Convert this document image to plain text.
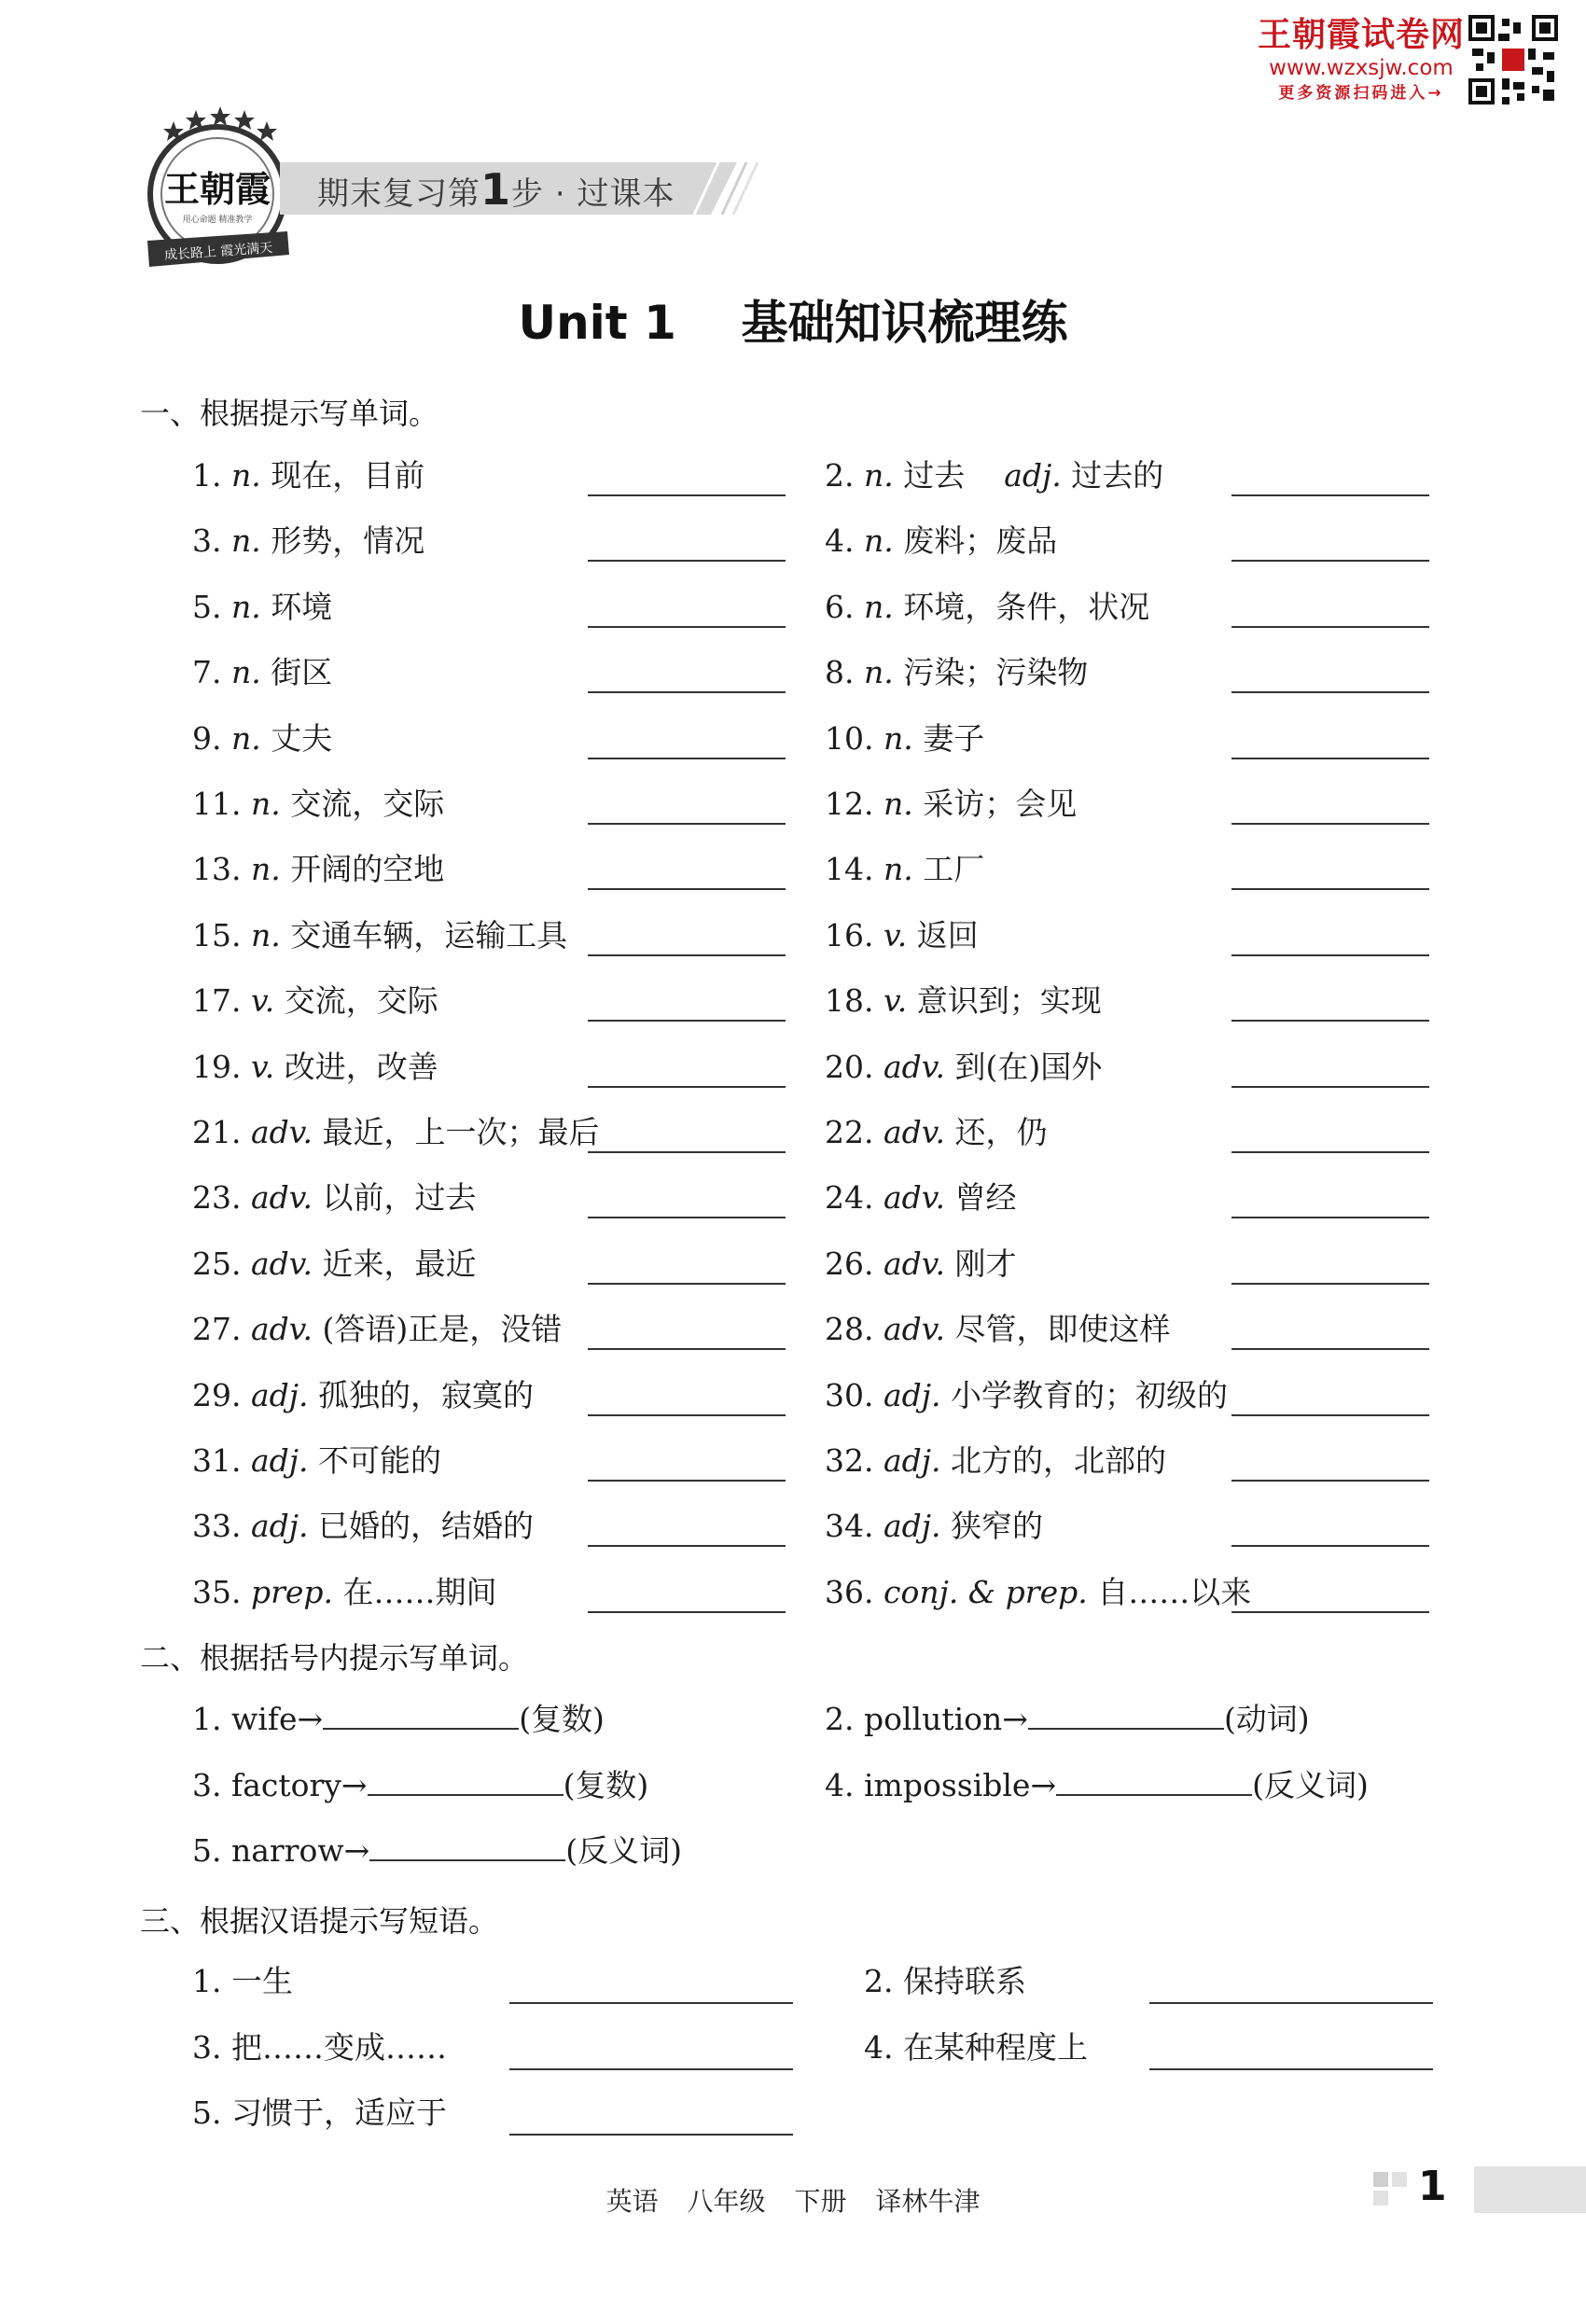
王朝霞试卷网
www.wzxsjw.com
更多资源扫码进入→
王朝霞
用心命题 精准教学
成长路上 霞光满天
期末复习第1步 · 过课本
Unit 1    基础知识梳理练
一、根据提示写单词。
1. n. 现在，目前	2. n. 过去    adj. 过去的
3. n. 形势，情况	4. n. 废料；废品
5. n. 环境	6. n. 环境，条件，状况
7. n. 街区	8. n. 污染；污染物
9. n. 丈夫	10. n. 妻子
11. n. 交流，交际	12. n. 采访；会见
13. n. 开阔的空地	14. n. 工厂
15. n. 交通车辆，运输工具	16. v. 返回
17. v. 交流，交际	18. v. 意识到；实现
19. v. 改进，改善	20. adv. 到(在)国外
21. adv. 最近，上一次；最后	22. adv. 还，仍
23. adv. 以前，过去	24. adv. 曾经
25. adv. 近来，最近	26. adv. 刚才
27. adv. (答语)正是，没错	28. adv. 尽管，即使这样
29. adj. 孤独的，寂寞的	30. adj. 小学教育的；初级的
31. adj. 不可能的	32. adj. 北方的，北部的
33. adj. 已婚的，结婚的	34. adj. 狭窄的
35. prep. 在……期间	36. conj. & prep. 自……以来
二、根据括号内提示写单词。
1. wife→	(复数)	2. pollution→	(动词)
3. factory→	(复数)	4. impossible→	(反义词)
5. narrow→	(反义词)
三、根据汉语提示写短语。
1. 一生	2. 保持联系
3. 把……变成……	4. 在某种程度上
5. 习惯于，适应于
英语 八年级 下册 译林牛津	1
